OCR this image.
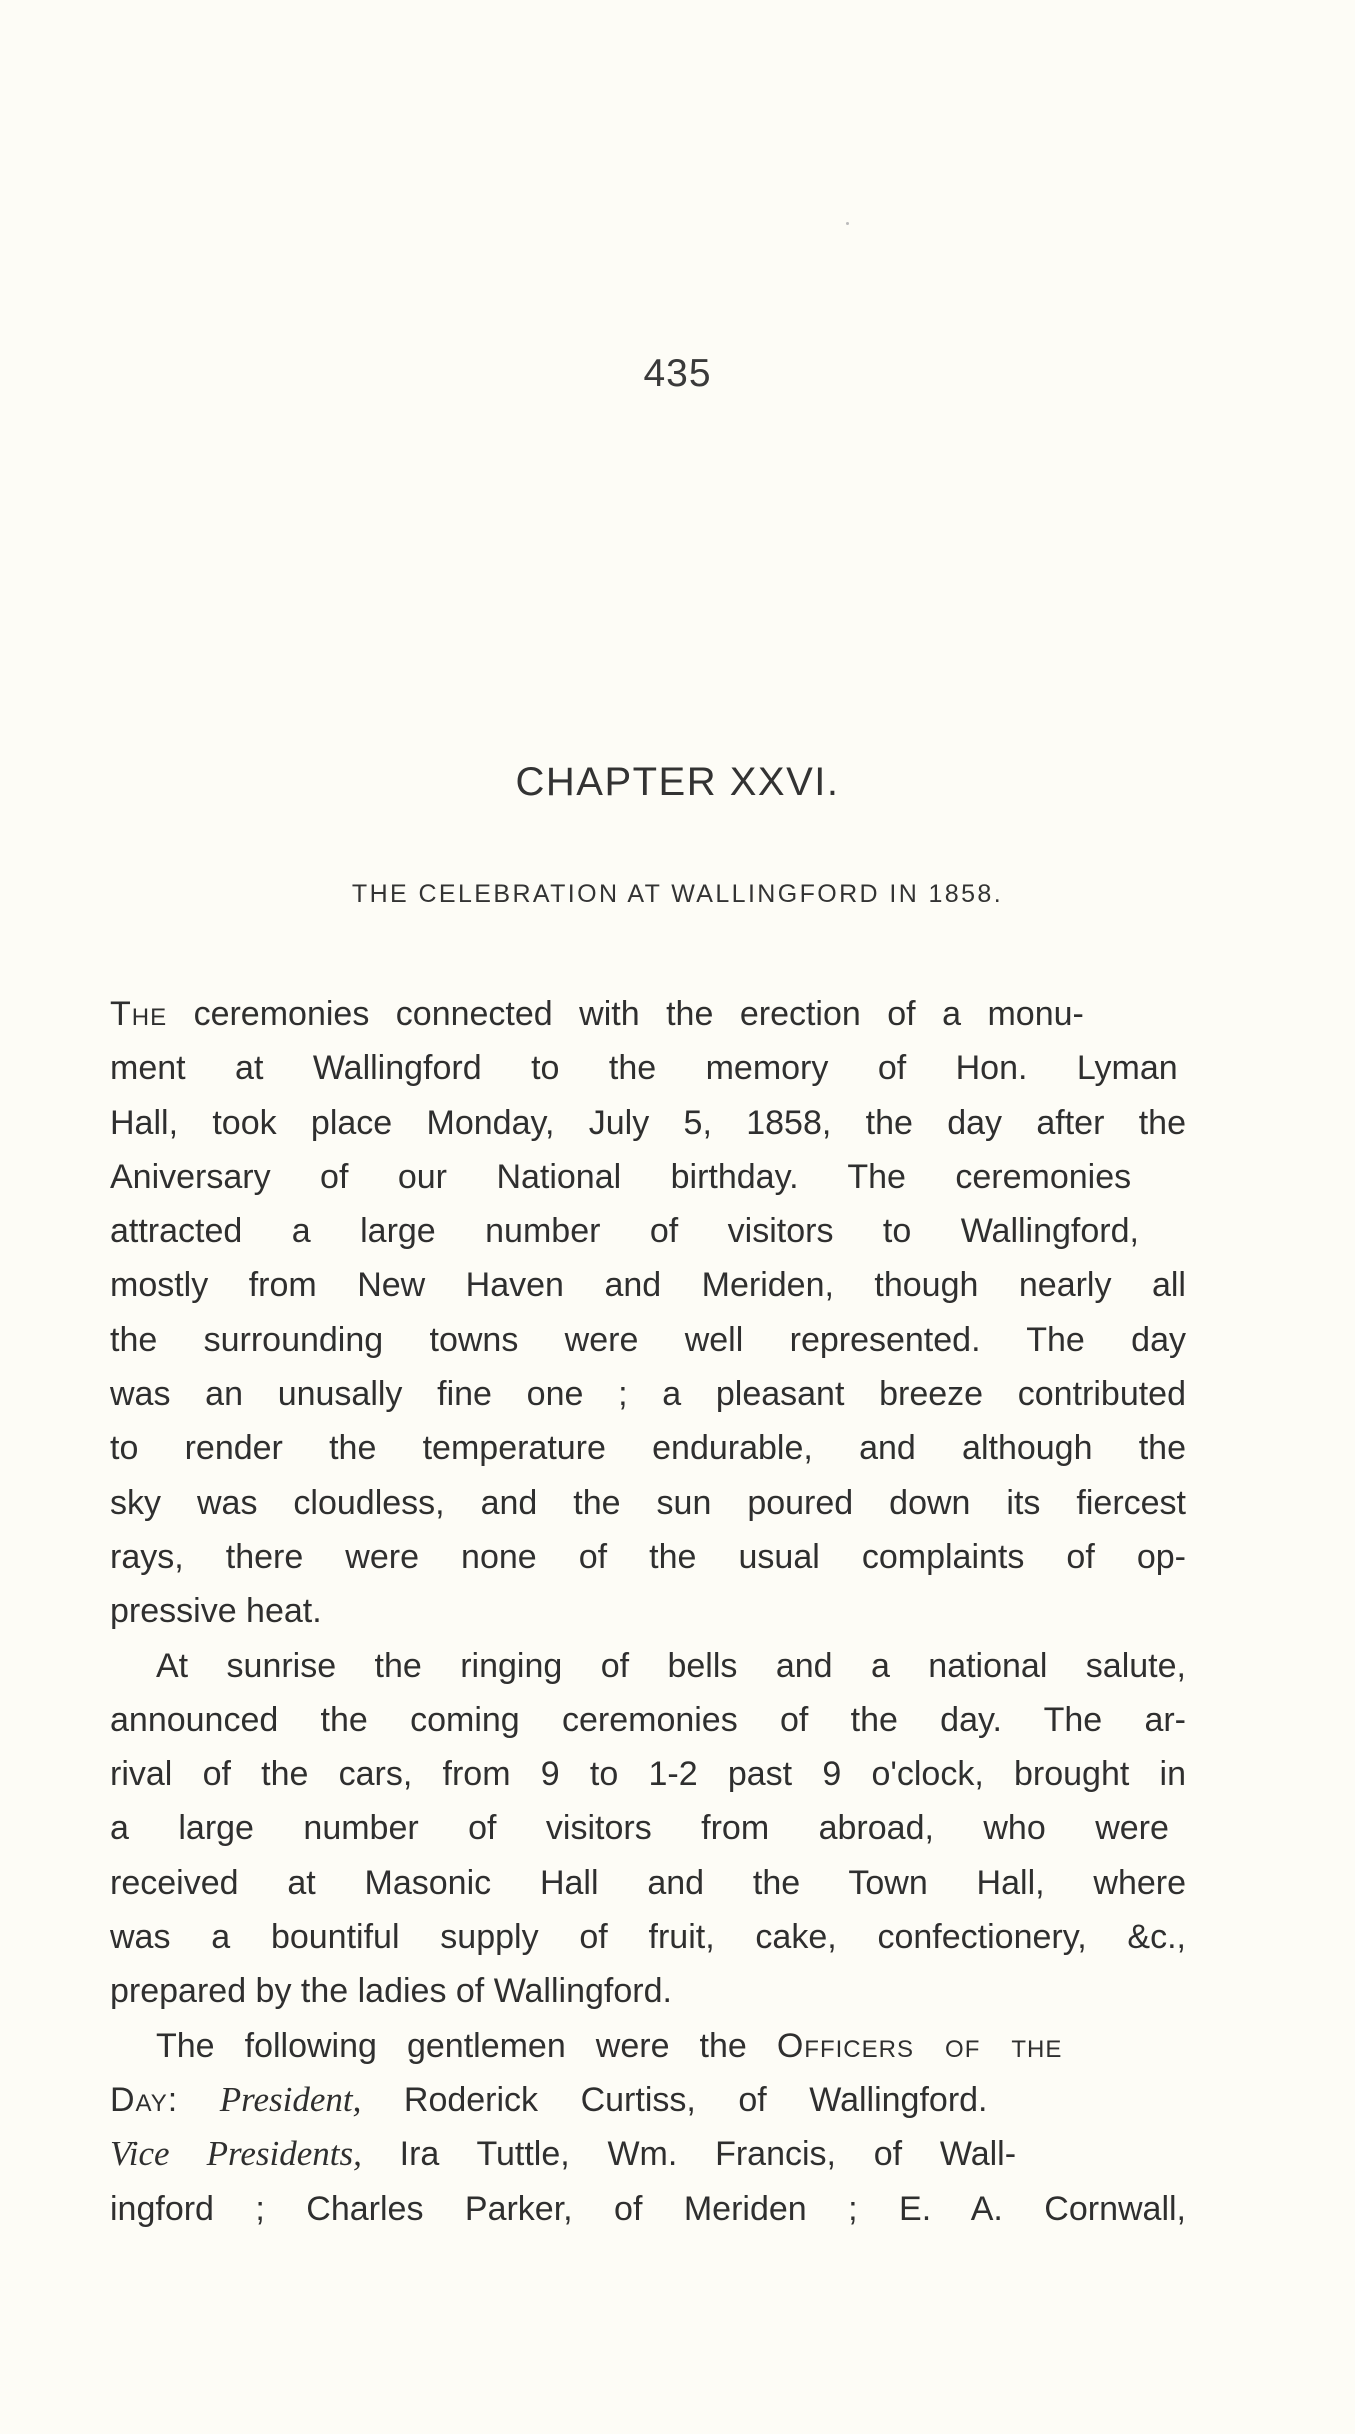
435
CHAPTER XXVI.
THE CELEBRATION AT WALLINGFORD IN 1858.
The ceremonies connected with the erection of a monu-
ment at Wallingford to the memory of Hon. Lyman
Hall, took place Monday, July 5, 1858, the day after the
Aniversary of our National birthday. The ceremonies
attracted a large number of visitors to Wallingford,
mostly from New Haven and Meriden, though nearly all
the surrounding towns were well represented. The day
was an unusally fine one ; a pleasant breeze contributed
to render the temperature endurable, and although the
sky was cloudless, and the sun poured down its fiercest
rays, there were none of the usual complaints of op-
pressive heat.
At sunrise the ringing of bells and a national salute,
announced the coming ceremonies of the day. The ar-
rival of the cars, from 9 to 1-2 past 9 o'clock, brought in
a large number of visitors from abroad, who were
received at Masonic Hall and the Town Hall, where
was a bountiful supply of fruit, cake, confectionery, &c.,
prepared by the ladies of Wallingford.
The following gentlemen were the Officers of the
Day: President, Roderick Curtiss, of Wallingford.
Vice Presidents, Ira Tuttle, Wm. Francis, of Wall-
ingford ; Charles Parker, of Meriden ; E. A. Cornwall,
